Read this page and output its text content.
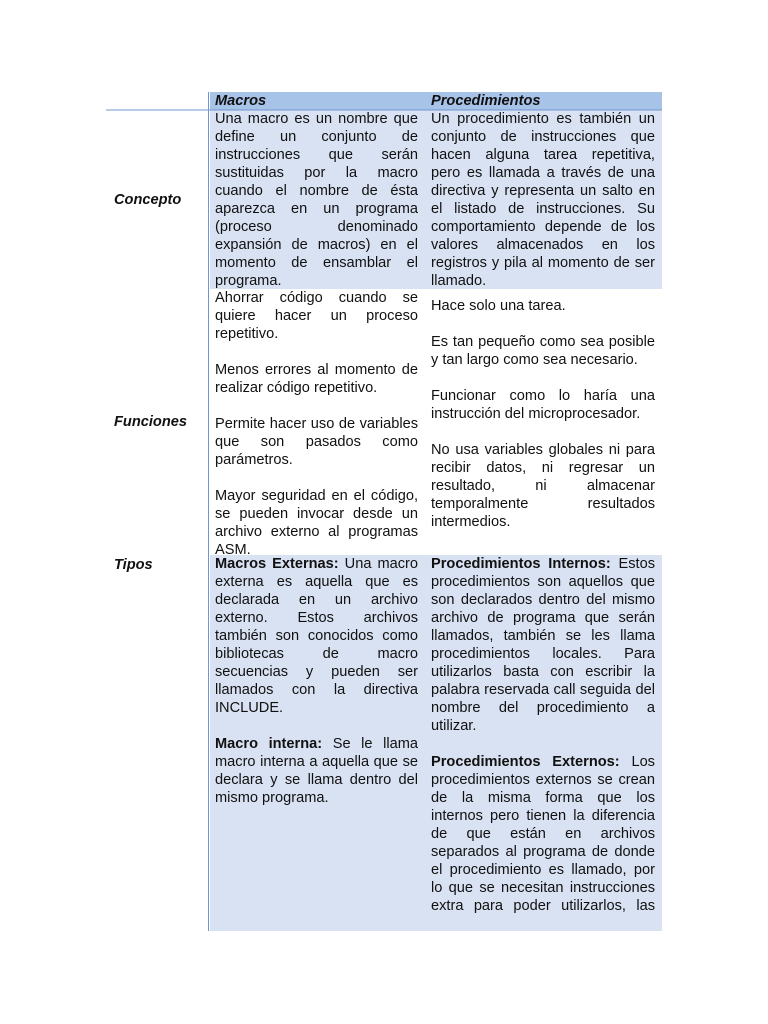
Macros	Procedimientos
Concepto
Funciones
Tipos

Una macro es un nombre que define un conjunto de instrucciones que serán sustituidas por la macro cuando el nombre de ésta aparezca en un programa (proceso denominado expansión de macros) en el momento de ensamblar el programa.

Un procedimiento es también un conjunto de instrucciones que hacen alguna tarea repetitiva, pero es llamada a través de una directiva y representa un salto en el listado de instrucciones. Su comportamiento depende de los valores almacenados en los registros y pila al momento de ser llamado.

Ahorrar código cuando se quiere hacer un proceso repetitivo.

Menos errores al momento de realizar código repetitivo.

Permite hacer uso de variables que son pasados como parámetros.

Mayor seguridad en el código, se pueden invocar desde un archivo externo al programas ASM.

Hace solo una tarea.

Es tan pequeño como sea posible y tan largo como sea necesario.

Funcionar como lo haría una instrucción del microprocesador.

No usa variables globales ni para recibir datos, ni regresar un resultado, ni almacenar temporalmente resultados intermedios.

Macros Externas: Una macro externa es aquella que es declarada en un archivo externo. Estos archivos también son conocidos como bibliotecas de macro secuencias y pueden ser llamados con la directiva INCLUDE.

Macro interna: Se le llama macro interna a aquella que se declara y se llama dentro del mismo programa.

Procedimientos Internos: Estos procedimientos son aquellos que son declarados dentro del mismo archivo de programa que serán llamados, también se les llama procedimientos locales. Para utilizarlos basta con escribir la palabra reservada call seguida del nombre del procedimiento a utilizar.

Procedimientos Externos: Los procedimientos externos se crean de la misma forma que los internos pero tienen la diferencia de que están en archivos separados al programa de donde el procedimiento es llamado, por lo que se necesitan instrucciones extra para poder utilizarlos, las
